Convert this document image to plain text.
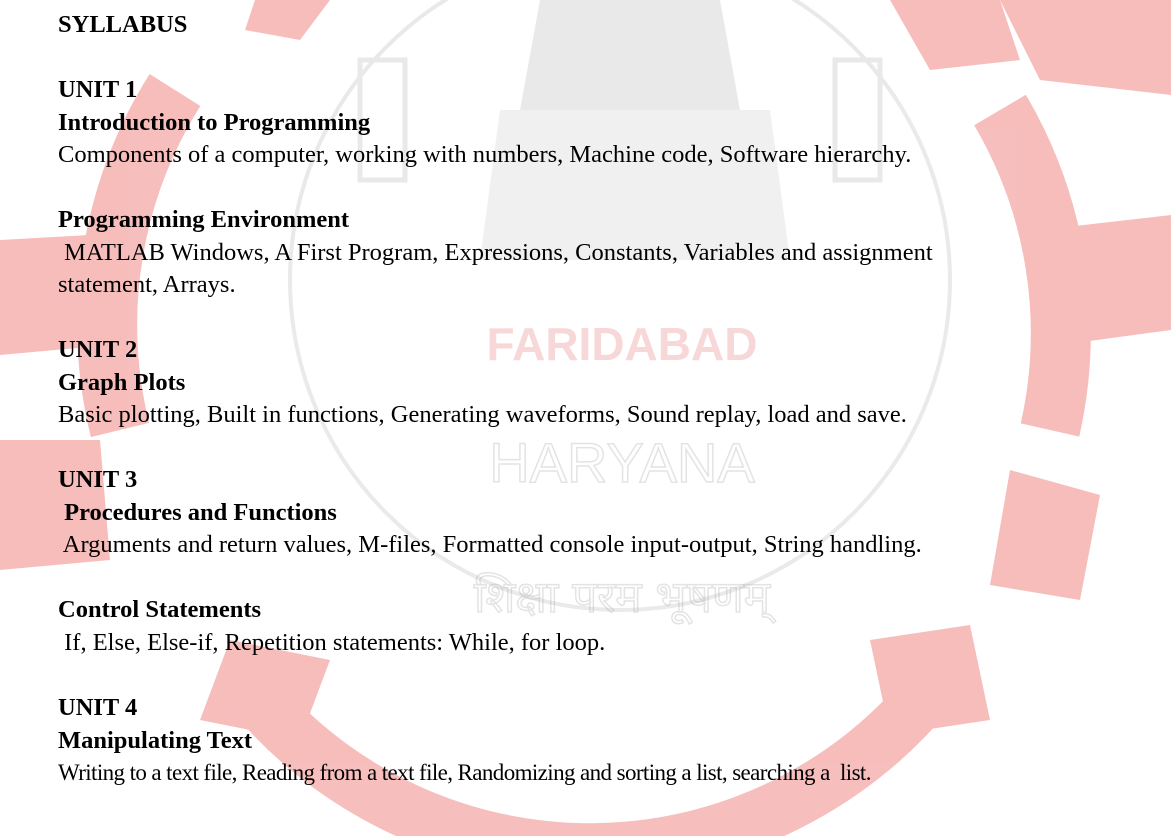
FARIDABAD
HARYANA
शिक्षा परम भूषणम्
SYLLABUS
UNIT 1
Introduction to Programming
Components of a computer, working with numbers, Machine code, Software hierarchy.
Programming Environment
MATLAB Windows, A First Program, Expressions, Constants, Variables and assignment
statement, Arrays.
UNIT 2
Graph Plots
Basic plotting, Built in functions, Generating waveforms, Sound replay, load and save.
UNIT 3
Procedures and Functions
Arguments and return values, M-files, Formatted console input-output, String handling.
Control Statements
If, Else, Else-if, Repetition statements: While, for loop.
UNIT 4
Manipulating Text
Writing to a text file, Reading from a text file, Randomizing and sorting a list, searching a  list.
